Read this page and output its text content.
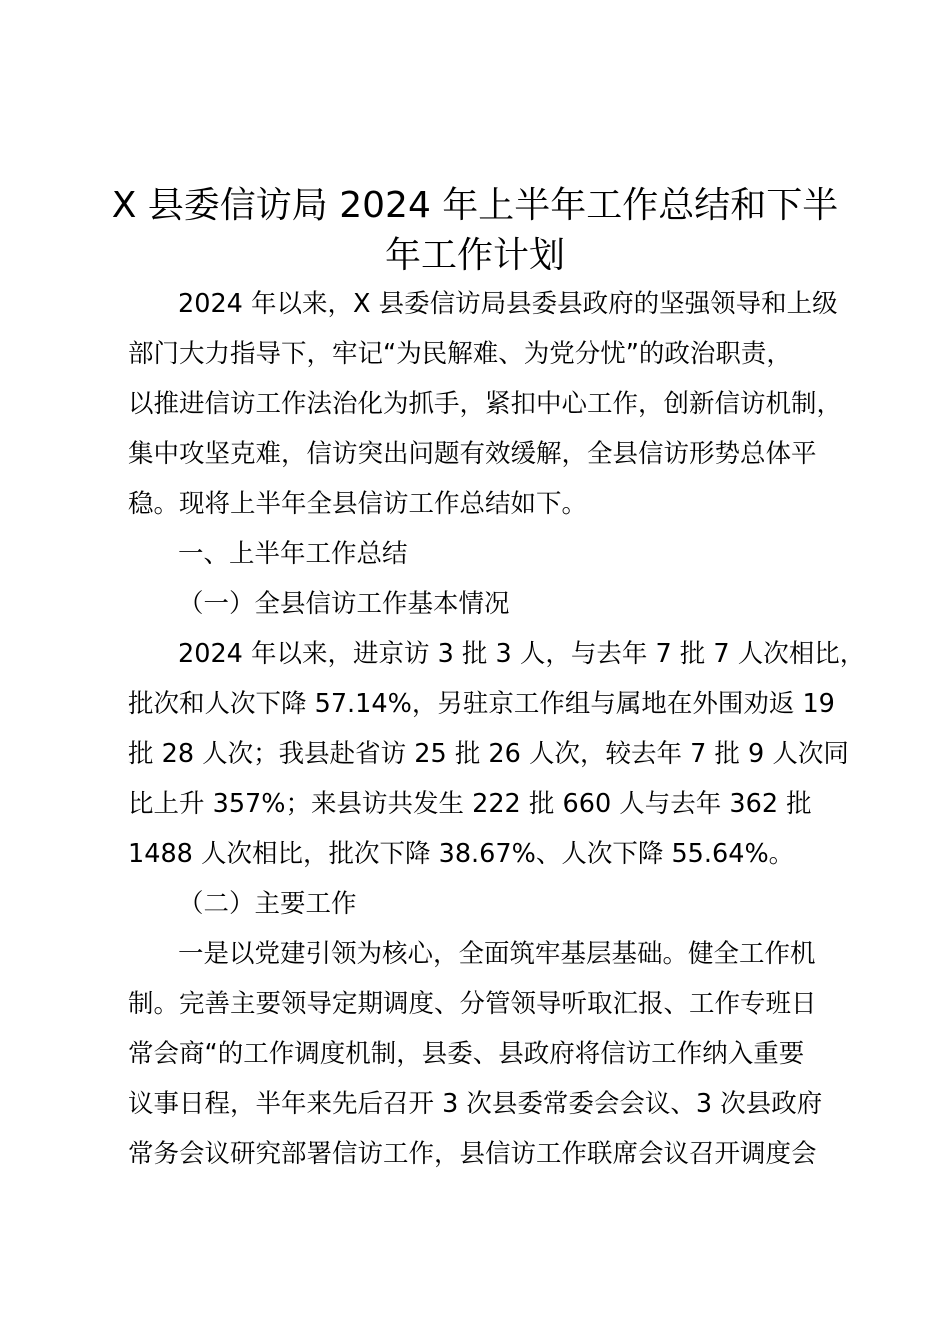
X 县委信访局 2024 年上半年工作总结和下半
年工作计划
2024 年以来，X 县委信访局县委县政府的坚强领导和上级
部门大力指导下，牢记“为民解难、为党分忧”的政治职责，
以推进信访工作法治化为抓手，紧扣中心工作，创新信访机制，
集中攻坚克难，信访突出问题有效缓解，全县信访形势总体平
稳。现将上半年全县信访工作总结如下。
一、上半年工作总结
（一）全县信访工作基本情况
2024 年以来，进京访 3 批 3 人，与去年 7 批 7 人次相比，
批次和人次下降 57.14%，另驻京工作组与属地在外围劝返 19
批 28 人次；我县赴省访 25 批 26 人次，较去年 7 批 9 人次同
比上升 357%；来县访共发生 222 批 660 人与去年 362 批
1488 人次相比，批次下降 38.67%、人次下降 55.64%。
（二）主要工作
一是以党建引领为核心，全面筑牢基层基础。健全工作机
制。完善主要领导定期调度、分管领导听取汇报、工作专班日
常会商“的工作调度机制，县委、县政府将信访工作纳入重要
议事日程，半年来先后召开 3 次县委常委会会议、3 次县政府
常务会议研究部署信访工作，县信访工作联席会议召开调度会
